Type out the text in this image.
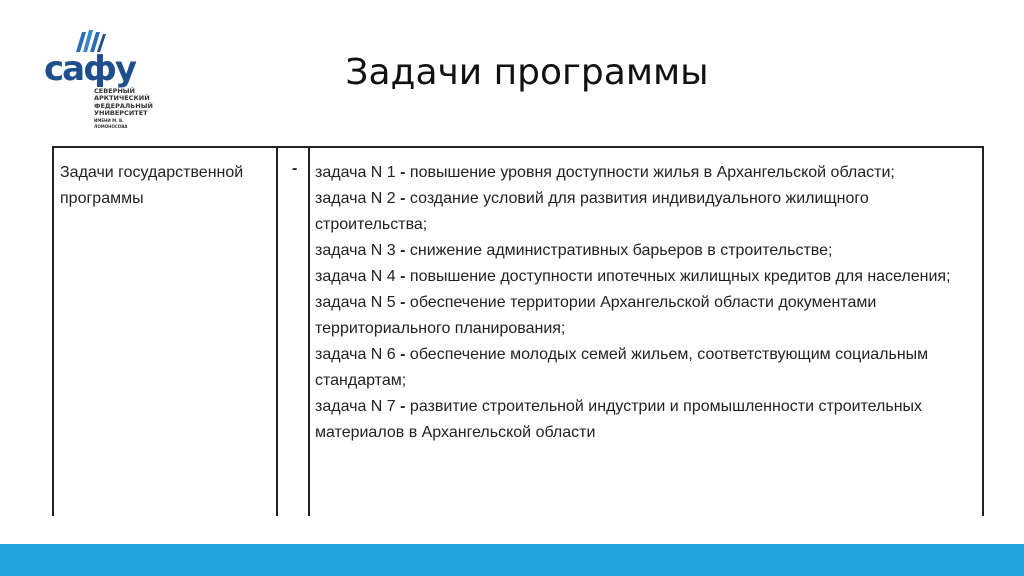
сафу
СЕВЕРНЫЙ
АРКТИЧЕСКИЙ
ФЕДЕРАЛЬНЫЙ
УНИВЕРСИТЕТ
ИМЕНИ М. В. ЛОМОНОСОВА
Задачи программы
Задачи государственной программы
- задача N 1 - повышение уровня доступности жилья в Архангельской области;
задача N 2 - создание условий для развития индивидуального жилищного строительства;
задача N 3 - снижение административных барьеров в строительстве;
задача N 4 - повышение доступности ипотечных жилищных кредитов для населения;
задача N 5 - обеспечение территории Архангельской области документами территориального планирования;
задача N 6 - обеспечение молодых семей жильем, соответствующим социальным стандартам;
задача N 7 - развитие строительной индустрии и промышленности строительных материалов в Архангельской области
